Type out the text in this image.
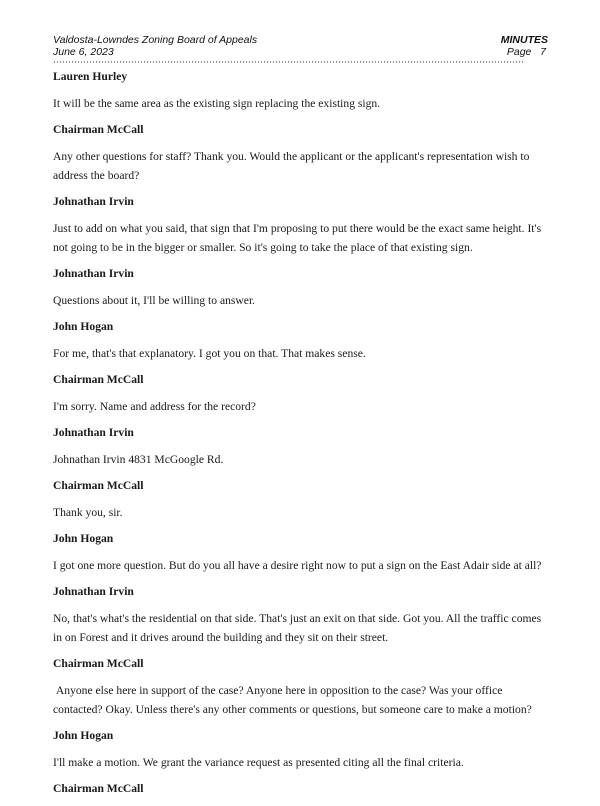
Valdosta-Lowndes Zoning Board of Appeals	MINUTES
June 6, 2023	Page   7
Lauren Hurley
It will be the same area as the existing sign replacing the existing sign.
Chairman McCall
Any other questions for staff? Thank you. Would the applicant or the applicant's representation wish to address the board?
Johnathan Irvin
Just to add on what you said, that sign that I'm proposing to put there would be the exact same height. It's not going to be in the bigger or smaller. So it's going to take the place of that existing sign.
Johnathan Irvin
Questions about it, I'll be willing to answer.
John Hogan
For me, that's that explanatory. I got you on that. That makes sense.
Chairman McCall
I'm sorry. Name and address for the record?
Johnathan Irvin
Johnathan Irvin 4831 McGoogle Rd.
Chairman McCall
Thank you, sir.
John Hogan
I got one more question. But do you all have a desire right now to put a sign on the East Adair side at all?
Johnathan Irvin
No, that's what's the residential on that side. That's just an exit on that side. Got you. All the traffic comes in on Forest and it drives around the building and they sit on their street.
Chairman McCall
Anyone else here in support of the case? Anyone here in opposition to the case? Was your office contacted? Okay. Unless there's any other comments or questions, but someone care to make a motion?
John Hogan
I'll make a motion. We grant the variance request as presented citing all the final criteria.
Chairman McCall
